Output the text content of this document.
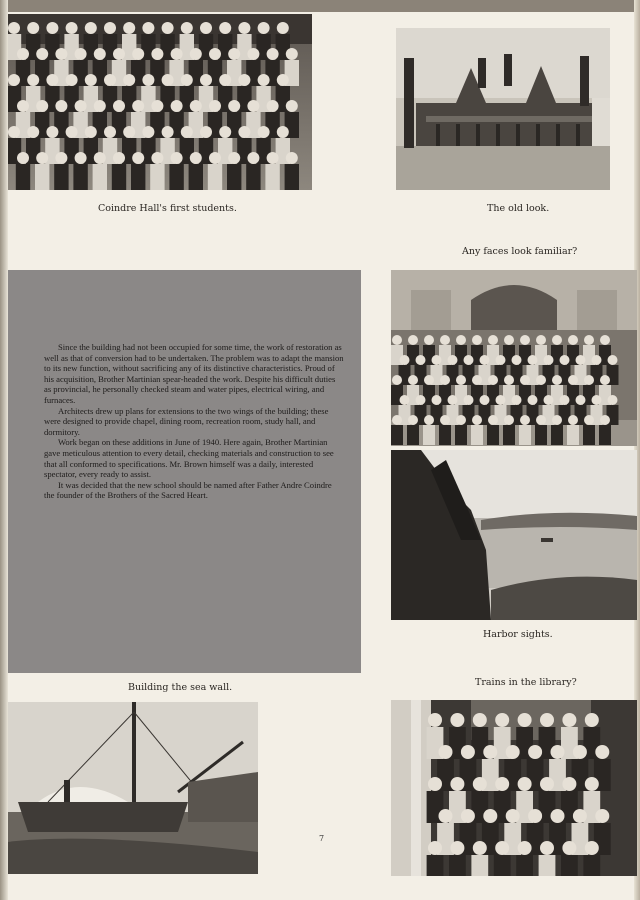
Coindre Hall's first students.	The old look.
Any faces look familiar?

Since the building had not been occupied for some time, the work of restoration as well as that of conversion had to be undertaken. The problem was to adapt the mansion to its new function, without sacrificing any of its distinctive characteristics. Proud of his acquisition, Brother Martinian spear-headed the work. Despite his difficult duties as provincial, he personally checked steam and water pipes, electrical wiring, and furnaces.

Architects drew up plans for extensions to the two wings of the building; these were designed to provide chapel, dining room, recreation room, study hall, and dormitory.

Work began on these additions in June of 1940. Here again, Brother Martinian gave meticulous attention to every detail, checking materials and construction to see that all conformed to specifications. Mr. Brown himself was a daily, interested spectator, every ready to assist.

It was decided that the new school should be named after Father Andre Coindre the founder of the Brothers of the Sacred Heart.

Harbor sights.
Building the sea wall.	Trains in the library?
7
